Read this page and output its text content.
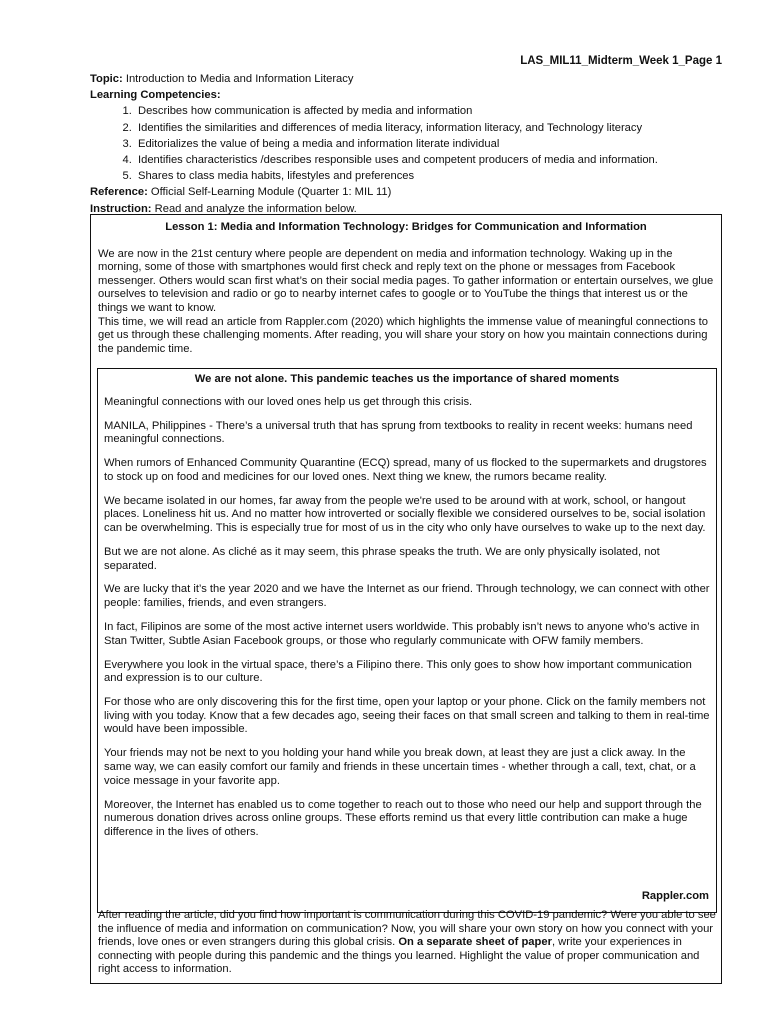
LAS_MIL11_Midterm_Week 1_Page 1

Topic: Introduction to Media and Information Literacy

Learning Competencies:

1. Describes how communication is affected by media and information
2. Identifies the similarities and differences of media literacy, information literacy, and Technology literacy
3. Editorializes the value of being a media and information literate individual
4. Identifies characteristics /describes responsible uses and competent producers of media and information.
5. Shares to class media habits, lifestyles and preferences

Reference: Official Self-Learning Module (Quarter 1: MIL 11)

Instruction: Read and analyze the information below.

Lesson 1: Media and Information Technology: Bridges for Communication and Information

We are now in the 21st century where people are dependent on media and information technology. Waking up in the morning, some of those with smartphones would first check and reply text on the phone or messages from Facebook messenger. Others would scan first what’s on their social media pages. To gather information or entertain ourselves, we glue ourselves to television and radio or go to nearby internet cafes to google or to YouTube the things that interest us or the things we want to know.

This time, we will read an article from Rappler.com (2020) which highlights the immense value of meaningful connections to get us through these challenging moments. After reading, you will share your story on how you maintain connections during the pandemic time.

We are not alone. This pandemic teaches us the importance of shared moments

Meaningful connections with our loved ones help us get through this crisis.

MANILA, Philippines - There’s a universal truth that has sprung from textbooks to reality in recent weeks: humans need meaningful connections.

When rumors of Enhanced Community Quarantine (ECQ) spread, many of us flocked to the supermarkets and drugstores to stock up on food and medicines for our loved ones. Next thing we knew, the rumors became reality.

We became isolated in our homes, far away from the people we're used to be around with at work, school, or hangout places. Loneliness hit us. And no matter how introverted or socially flexible we considered ourselves to be, social isolation can be overwhelming. This is especially true for most of us in the city who only have ourselves to wake up to the next day.

But we are not alone. As cliché as it may seem, this phrase speaks the truth. We are only physically isolated, not separated.

We are lucky that it’s the year 2020 and we have the Internet as our friend. Through technology, we can connect with other people: families, friends, and even strangers.

In fact, Filipinos are some of the most active internet users worldwide. This probably isn’t news to anyone who’s active in Stan Twitter, Subtle Asian Facebook groups, or those who regularly communicate with OFW family members.

Everywhere you look in the virtual space, there’s a Filipino there. This only goes to show how important communication and expression is to our culture.

For those who are only discovering this for the first time, open your laptop or your phone. Click on the family members not living with you today. Know that a few decades ago, seeing their faces on that small screen and talking to them in real-time would have been impossible.

Your friends may not be next to you holding your hand while you break down, at least they are just a click away. In the same way, we can easily comfort our family and friends in these uncertain times - whether through a call, text, chat, or a voice message in your favorite app.

Moreover, the Internet has enabled us to come together to reach out to those who need our help and support through the numerous donation drives across online groups. These efforts remind us that every little contribution can make a huge difference in the lives of others.

Rappler.com
After reading the article, did you find how important is communication during this COVID-19 pandemic? Were you able to see the influence of media and information on communication? Now, you will share your own story on how you connect with your friends, love ones or even strangers during this global crisis. On a separate sheet of paper, write your experiences in connecting with people during this pandemic and the things you learned. Highlight the value of proper communication and right access to information.
